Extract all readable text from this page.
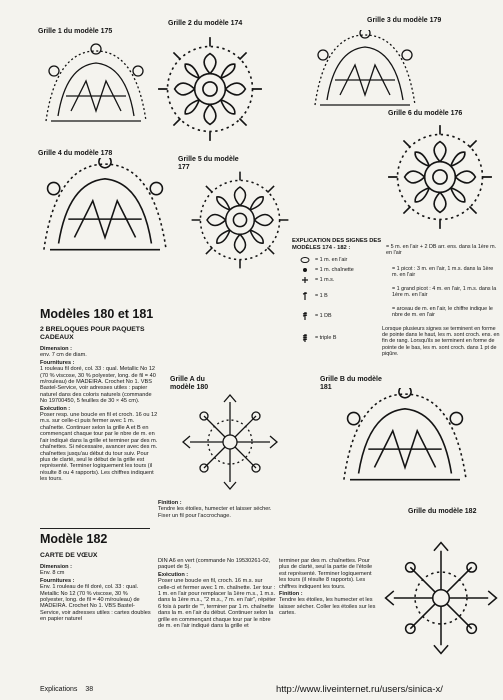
Grille 1 du modèle 175
Grille 2 du modèle 174	Grille 3 du modèle 179
Grille 6 du modèle 176
Grille 4 du modèle 178
Grille 5 du modèle 177
EXPLICATION DES SIGNES DES MODÈLES 174 - 182 :
= 1 m. en l'air
= 1 m. chaînette
= 1 m.s.
= 1 B
= 1 DB
= triple B
= 5 m. en l'air + 2 DB arr. ens. dans la 1ère m. en l'air
= 1 picot : 3 m. en l'air, 1 m.s. dans la 1ère m. en l'air
= 1 grand picot : 4 m. en l'air, 1 m.s. dans la 1ère m. en l'air
= arceau de m. en l'air, le chiffre indique le nbre de m. en l'air
Lorsque plusieurs signes se terminent en forme de pointe dans le haut, les m. sont croch. ens. en fin de rang. Lorsqu'ils se terminent en forme de pointe de le bas, les m. sont croch. dans 1 pt de piqûre.
Modèles 180 et 181
2 BRELOQUES POUR PAQUETS CADEAUX

Dimension :
env. 7 cm de diam.

Fournitures :
1 rouleau fil doré, col. 33 : qual. Metallic No 12 (70 % viscose, 30 % polyester, long. de fil = 40 m/rouleau) de MADEIRA. Crochet No 1. VBS Bastel-Service, voir adresses utiles : papier naturel dans des coloris naturels (commande No 19700450, 5 feuilles de 30 × 45 cm).

Exécution :
Poser resp. une boucle en fil et croch. 16 ou 12 m.s. sur celle-ci puis fermer avec 1 m. chaînette. Continuer selon la grille A et B en commençant chaque tour par le nbre de m. en l'air indiqué dans la grille et terminer par des m. chaînettes. Si nécessaire, avancer avec des m. chaînettes jusqu'au début du tour suiv. Pour plus de clarté, seul le début de la grille est représenté. Terminer logiquement les tours (il résulte 8 ou 4 rapports). Les chiffres indiquent les tours.

Grille A du modèle 180
Grille B du modèle 181

Finition :
Tendre les étoiles, humecter et laisser sécher. Fixer un fil pour l'accrochage.

Modèle 182
CARTE DE VŒUX

Dimension :
Env. 8 cm

Fournitures :
Env. 1 rouleau de fil doré, col. 33 : qual. Metallic No 12 (70 % viscose, 30 % polyester, long. de fil = 40 m/rouleau) de MADEIRA. Crochet No 1. VBS Bastel-Service, voir adresses utiles : cartes doubles en papier naturel

DIN A6 en vert (commande No 19530261-02, paquet de 5).

Exécution :
Poser une boucle en fil, croch. 16 m.s. sur celle-ci et fermer avec 1 m. chaînette. 1er tour : 1 m. en l'air pour remplacer la 1ère m.s., 1 m.s. dans la 1ère m.s., "2 m.s., 7 m. en l'air", répéter 6 fois à partir de "", terminer par 1 m. chaînette dans la m. en l'air du début. Continuer selon la grille en commençant chaque tour par le nbre de m. en l'air indiqué dans la grille et

terminer par des m. chaînettes. Pour plus de clarté, seul la partie de l'étoile est représenté. Terminer logiquement les tours (il résulte 8 rapports). Les chiffres indiquent les tours.

Finition :
Tendre les étoiles, les humecter et les laisser sécher. Coller les étoiles sur les cartes.

Grille du modèle 182
Explications 38	http://www.liveinternet.ru/users/sinica-x/
